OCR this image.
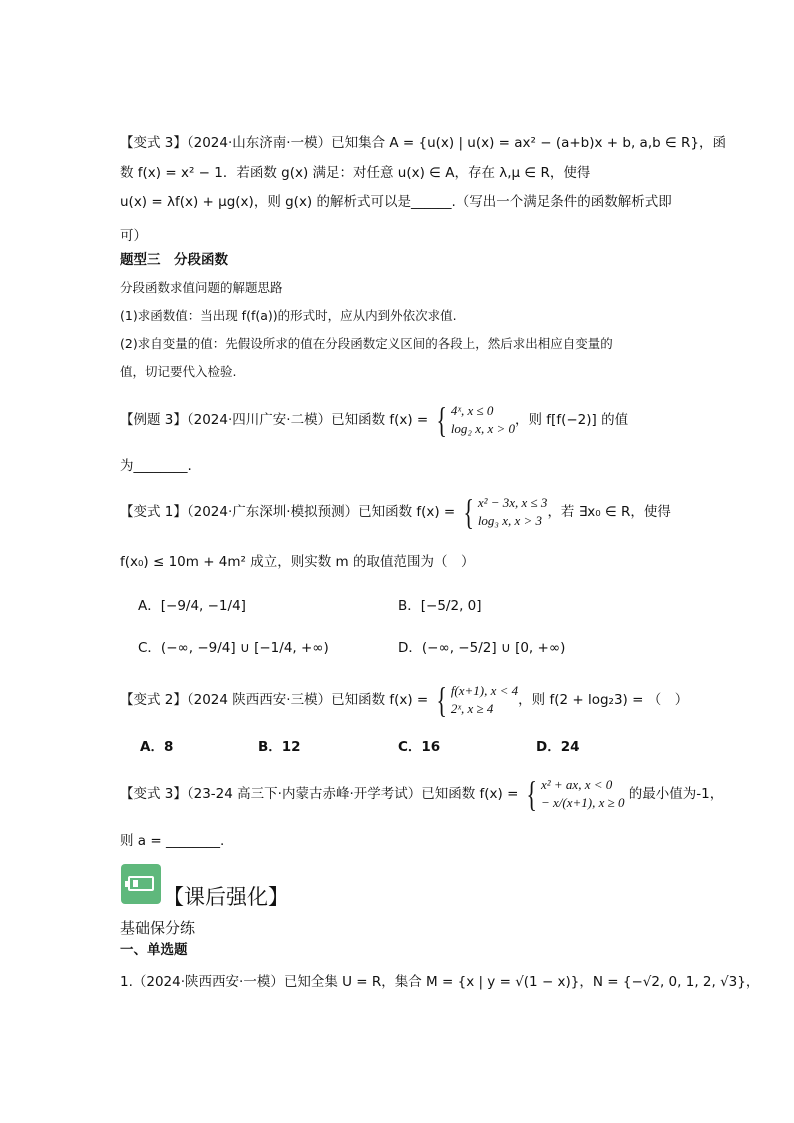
【变式 3】（2024·山东济南·一模）已知集合 A = {u(x) | u(x) = ax² − (a+b)x + b, a,b ∈ R}，函
数 f(x) = x² − 1．若函数 g(x) 满足：对任意 u(x) ∈ A，存在 λ,μ ∈ R，使得
u(x) = λf(x) + μg(x)，则 g(x) 的解析式可以是______.（写出一个满足条件的函数解析式即
可）
题型三　分段函数
分段函数求值问题的解题思路
(1)求函数值：当出现 f(f(a))的形式时，应从内到外依次求值.
(2)求自变量的值：先假设所求的值在分段函数定义区间的各段上，然后求出相应自变量的
值，切记要代入检验.
【例题 3】（2024·四川广安·二模）已知函数 f(x) = { 4ˣ, x ≤ 0
log₂ x, x > 0
，则 f[f(−2)] 的值
为________.
【变式 1】（2024·广东深圳·模拟预测）已知函数 f(x) = { x² − 3x, x ≤ 3
log₃ x, x > 3
，若 ∃x₀ ∈ R，使得
f(x₀) ≤ 10m + 4m² 成立，则实数 m 的取值范围为（　）
A．[−9/4, −1/4]	B．[−5/2, 0]
C．(−∞, −9/4] ∪ [−1/4, +∞)	D．(−∞, −5/2] ∪ [0, +∞)
【变式 2】（2024 陕西西安·三模）已知函数 f(x) = { f(x+1), x < 4
2ˣ, x ≥ 4
，则 f(2 + log₂3) = （　）
A．8	B．12	C．16	D．24
【变式 3】（23-24 高三下·内蒙古赤峰·开学考试）已知函数 f(x) = { x² + ax, x < 0
− x/(x+1), x ≥ 0
的最小值为-1，
则 a = ________.
【课后强化】
基础保分练
一、单选题
1.（2024·陕西西安·一模）已知全集 U = R，集合 M = {x | y = √(1 − x)}，N = {−√2, 0, 1, 2, √3}，
